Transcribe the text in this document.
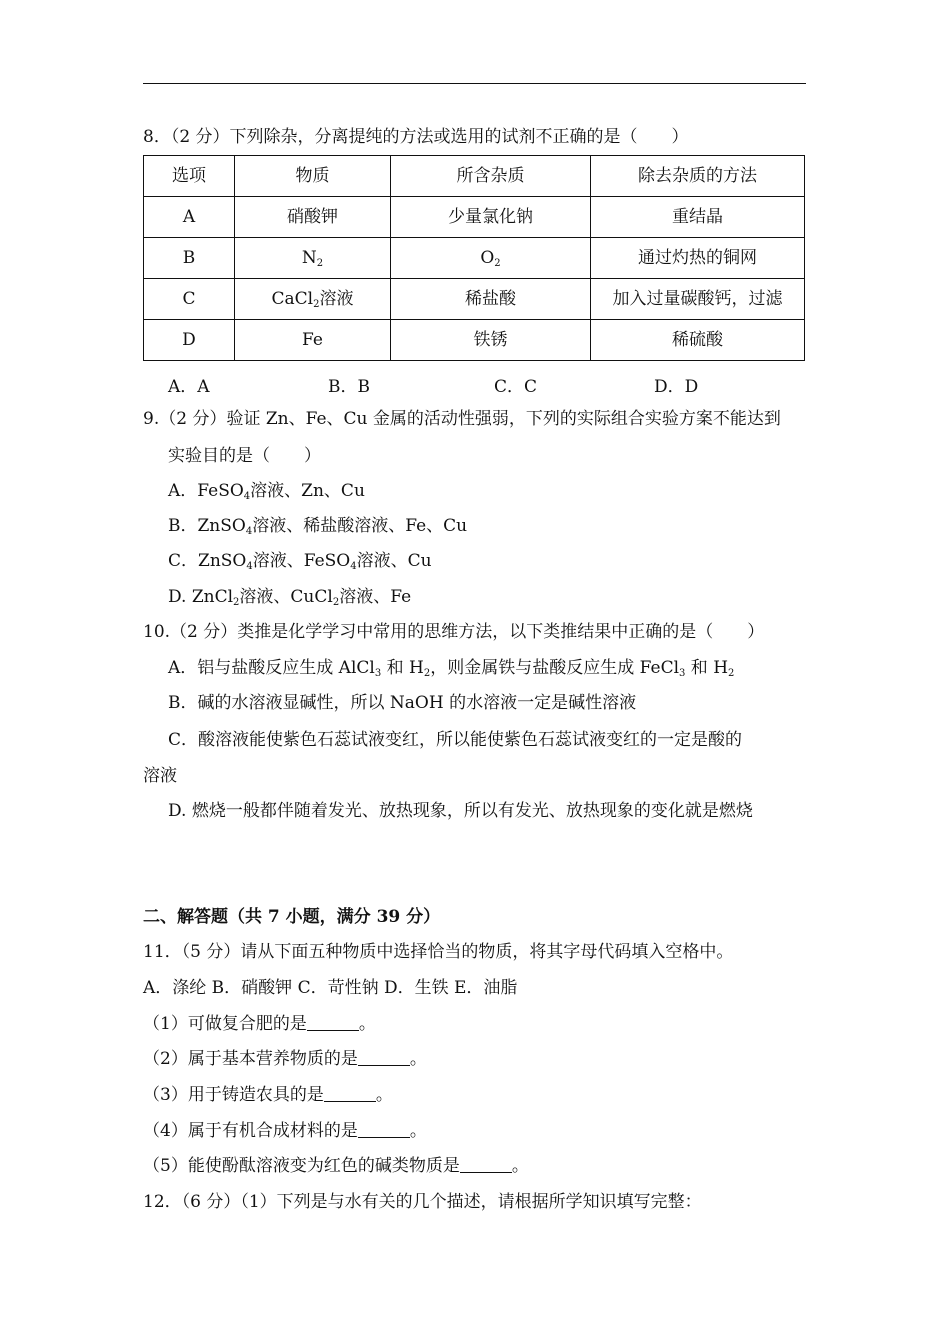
8．（2 分）下列除杂，分离提纯的方法或选用的试剂不正确的是（　　）
选项	物质	所含杂质	除去杂质的方法
A	硝酸钾	少量氯化钠	重结晶
B	$N_2$	$O_2$	通过灼热的铜网
C	CaCl$_2$溶液	稀盐酸	加入过量碳酸钙，过滤
D	Fe	铁锈	稀硫酸
A．A	B．B	C．C	D．D
9.（2 分）验证 Zn、Fe、Cu 金属的活动性强弱，下列的实际组合实验方案不能达到
实验目的是（　　）
A．FeSO$_4$溶液、Zn、Cu
B．ZnSO$_4$溶液、稀盐酸溶液、Fe、Cu
C．ZnSO$_4$溶液、FeSO$_4$溶液、Cu
D. ZnCl$_2$溶液、CuCl$_2$溶液、Fe
10.（2 分）类推是化学学习中常用的思维方法，以下类推结果中正确的是（　　）
A．铝与盐酸反应生成 AlCl$_3$ 和 $H_2$，则金属铁与盐酸反应生成 FeCl$_3$ 和 $H_2$
B．碱的水溶液显碱性，所以 NaOH 的水溶液一定是碱性溶液
C．酸溶液能使紫色石蕊试液变红，所以能使紫色石蕊试液变红的一定是酸的
溶液
D. 燃烧一般都伴随着发光、放热现象，所以有发光、放热现象的变化就是燃烧
二、解答题（共 7 小题，满分 39 分）
11．（5 分）请从下面五种物质中选择恰当的物质，将其字母代码填入空格中。
A．涤纶 B．硝酸钾 C．苛性钠 D．生铁 E．油脂
（1）可做复合肥的是	。
（2）属于基本营养物质的是	。
（3）用于铸造农具的是	。
（4）属于有机合成材料的是	。
（5）能使酚酞溶液变为红色的碱类物质是	。
12．（6 分）（1）下列是与水有关的几个描述，请根据所学知识填写完整：
